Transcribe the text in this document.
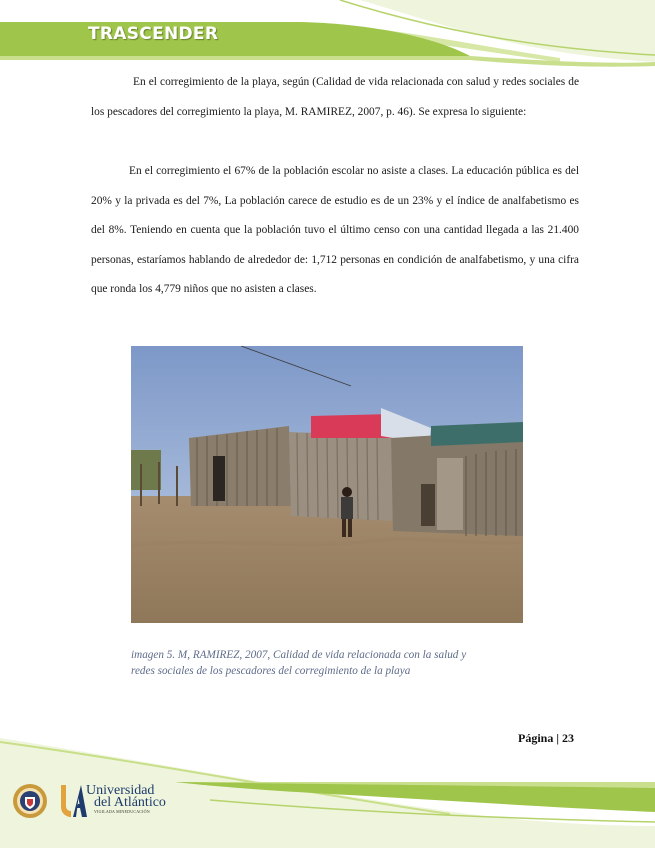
TRASCENDER

En el corregimiento de la playa, según (Calidad de vida relacionada con salud y redes sociales de los pescadores del corregimiento la playa, M. RAMIREZ, 2007, p. 46). Se expresa lo siguiente:

En el corregimiento el 67% de la población escolar no asiste a clases. La educación pública es del 20% y la privada es del 7%, La población carece de estudio es de un 23% y el índice de analfabetismo es del 8%. Teniendo en cuenta que la población tuvo el último censo con una cantidad llegada a las 21.400 personas, estaríamos hablando de alrededor de: 1,712 personas en condición de analfabetismo, y una cifra que ronda los 4,779 niños que no asisten a clases.

imagen 5. M, RAMIREZ, 2007, Calidad de vida relacionada con la salud y
redes sociales de los pescadores del corregimiento de la playa
Página | 23
Universidad
del Atlántico
VIGILADA MINEDUCACIÓN
